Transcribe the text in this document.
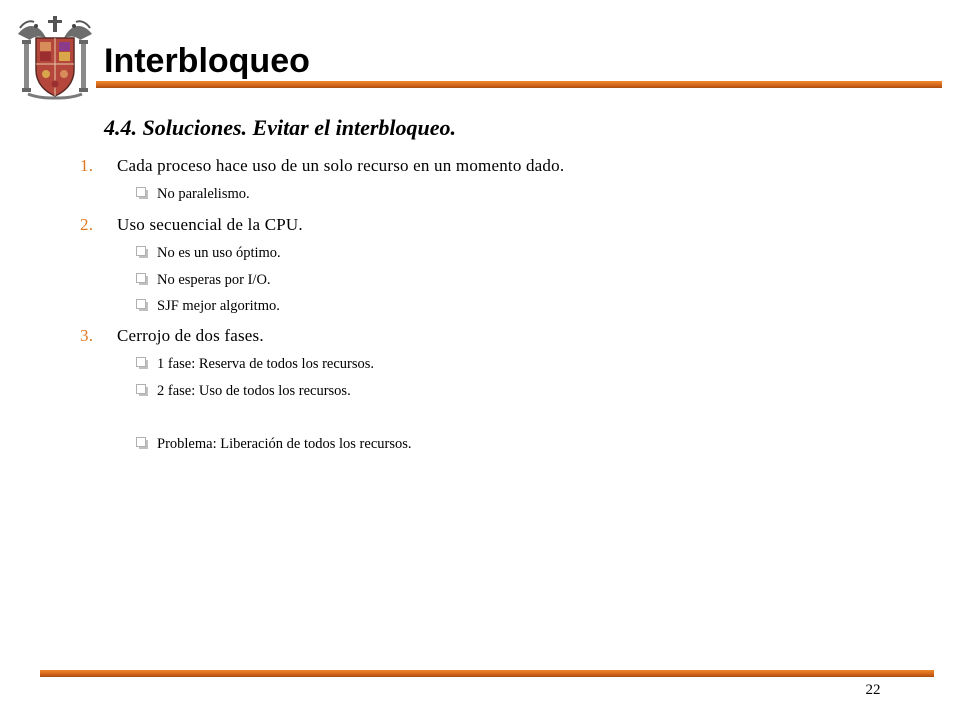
Interbloqueo
4.4. Soluciones. Evitar el interbloqueo.
1. Cada proceso hace uso de un solo recurso en un momento dado.
No paralelismo.
2. Uso secuencial de la CPU.
No es un uso óptimo.
No esperas por I/O.
SJF mejor algoritmo.
3. Cerrojo de dos fases.
1 fase: Reserva de todos los recursos.
2 fase: Uso de todos los recursos.
Problema: Liberación de todos los recursos.
22
